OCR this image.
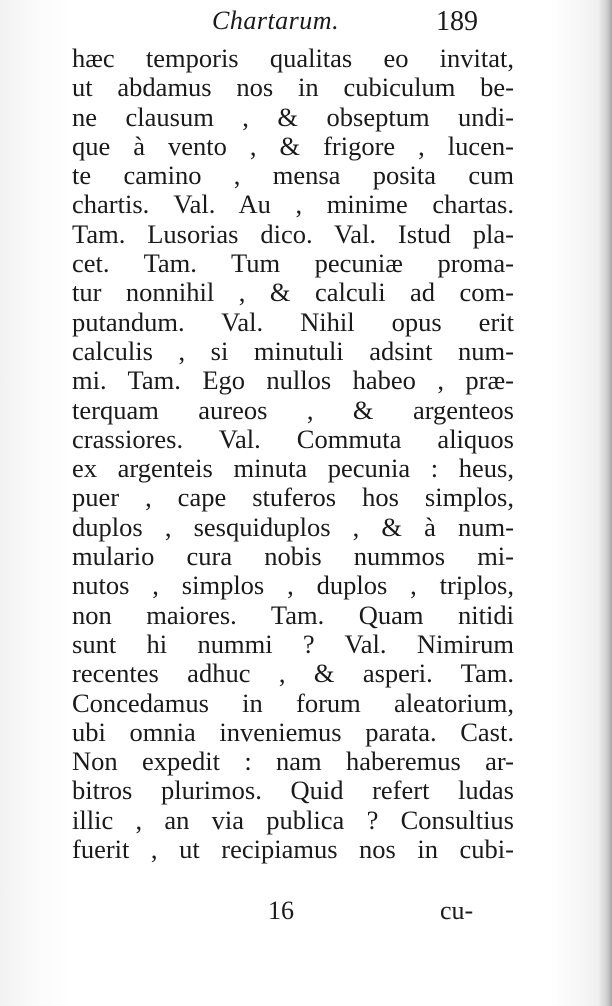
Chartarum.	189
hæc temporis qualitas eo invitat,
ut abdamus nos in cubiculum be-
ne clausum , & obseptum undi-
que à vento , & frigore , lucen-
te camino , mensa posita cum
chartis. Val. Au , minime chartas.
Tam. Lusorias dico. Val. Istud pla-
cet. Tam. Tum pecuniæ proma-
tur nonnihil , & calculi ad com-
putandum. Val. Nihil opus erit
calculis , si minutuli adsint num-
mi. Tam. Ego nullos habeo , præ-
terquam aureos , & argenteos
crassiores. Val. Commuta aliquos
ex argenteis minuta pecunia : heus,
puer , cape stuferos hos simplos,
duplos , sesquiduplos , & à num-
mulario cura nobis nummos mi-
nutos , simplos , duplos , triplos,
non maiores. Tam. Quam nitidi
sunt hi nummi ? Val. Nimirum
recentes adhuc , & asperi. Tam.
Concedamus in forum aleatorium,
ubi omnia inveniemus parata. Cast.
Non expedit : nam haberemus ar-
bitros plurimos. Quid refert ludas
illic , an via publica ? Consultius
fuerit , ut recipiamus nos in cubi-
16	cu-
